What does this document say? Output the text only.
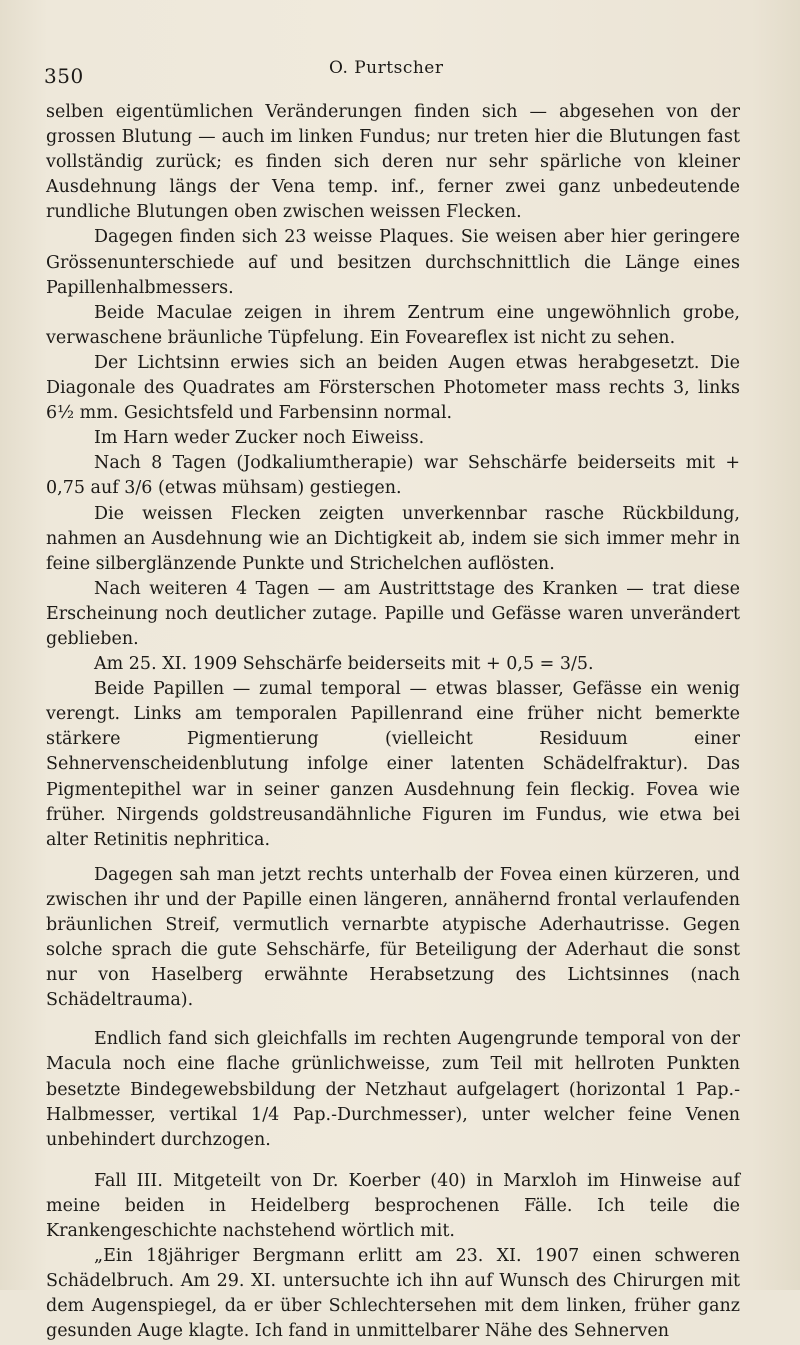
350	O. Purtscher

selben eigentümlichen Veränderungen finden sich — abgesehen von der grossen Blutung — auch im linken Fundus; nur treten hier die Blutungen fast vollständig zurück; es finden sich deren nur sehr spärliche von kleiner Ausdehnung längs der Vena temp. inf., ferner zwei ganz unbedeutende rundliche Blutungen oben zwischen weissen Flecken.

Dagegen finden sich 23 weisse Plaques. Sie weisen aber hier geringere Grössenunterschiede auf und besitzen durchschnittlich die Länge eines Papillenhalbmessers.

Beide Maculae zeigen in ihrem Zentrum eine ungewöhnlich grobe, verwaschene bräunliche Tüpfelung. Ein Foveareflex ist nicht zu sehen.

Der Lichtsinn erwies sich an beiden Augen etwas herabgesetzt. Die Diagonale des Quadrates am Försterschen Photometer mass rechts 3, links 6½ mm. Gesichtsfeld und Farbensinn normal.

Im Harn weder Zucker noch Eiweiss.

Nach 8 Tagen (Jodkaliumtherapie) war Sehschärfe beiderseits mit + 0,75 auf 3/6 (etwas mühsam) gestiegen.

Die weissen Flecken zeigten unverkennbar rasche Rückbildung, nahmen an Ausdehnung wie an Dichtigkeit ab, indem sie sich immer mehr in feine silberglänzende Punkte und Strichelchen auflösten.

Nach weiteren 4 Tagen — am Austrittstage des Kranken — trat diese Erscheinung noch deutlicher zutage. Papille und Gefässe waren unverändert geblieben.

Am 25. XI. 1909 Sehschärfe beiderseits mit + 0,5 = 3/5.

Beide Papillen — zumal temporal — etwas blasser, Gefässe ein wenig verengt. Links am temporalen Papillenrand eine früher nicht bemerkte stärkere Pigmentierung (vielleicht Residuum einer Sehnervenscheidenblutung infolge einer latenten Schädelfraktur). Das Pigmentepithel war in seiner ganzen Ausdehnung fein fleckig. Fovea wie früher. Nirgends goldstreusandähnliche Figuren im Fundus, wie etwa bei alter Retinitis nephritica.

Dagegen sah man jetzt rechts unterhalb der Fovea einen kürzeren, und zwischen ihr und der Papille einen längeren, annähernd frontal verlaufenden bräunlichen Streif, vermutlich vernarbte atypische Aderhautrisse. Gegen solche sprach die gute Sehschärfe, für Beteiligung der Aderhaut die sonst nur von Haselberg erwähnte Herabsetzung des Lichtsinnes (nach Schädeltrauma).

Endlich fand sich gleichfalls im rechten Augengrunde temporal von der Macula noch eine flache grünlichweisse, zum Teil mit hellroten Punkten besetzte Bindegewebsbildung der Netzhaut aufgelagert (horizontal 1 Pap.-Halbmesser, vertikal 1/4 Pap.-Durchmesser), unter welcher feine Venen unbehindert durchzogen.

Fall III. Mitgeteilt von Dr. Koerber (40) in Marxloh im Hinweise auf meine beiden in Heidelberg besprochenen Fälle. Ich teile die Krankengeschichte nachstehend wörtlich mit.

„Ein 18jähriger Bergmann erlitt am 23. XI. 1907 einen schweren Schädelbruch. Am 29. XI. untersuchte ich ihn auf Wunsch des Chirurgen mit dem Augenspiegel, da er über Schlechtersehen mit dem linken, früher ganz gesunden Auge klagte. Ich fand in unmittelbarer Nähe des Sehnerven
